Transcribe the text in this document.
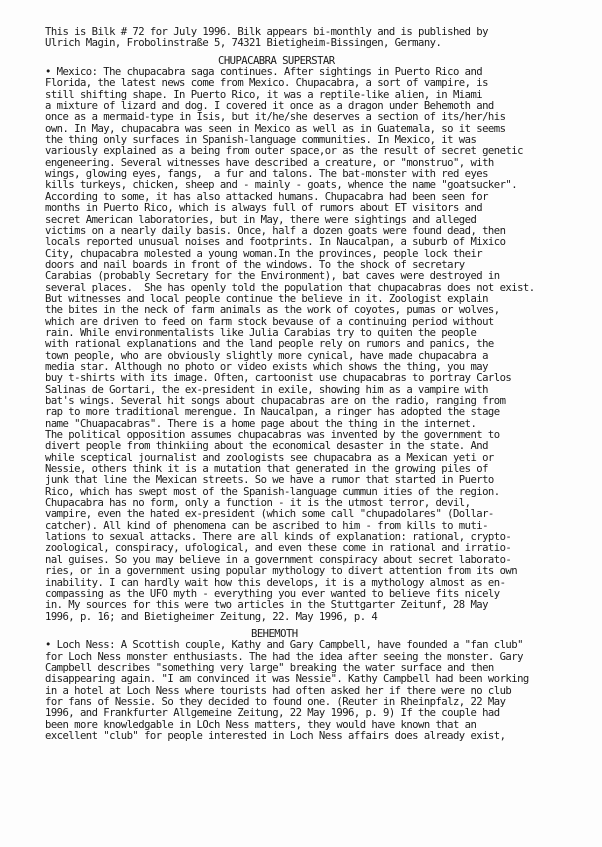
This is Bilk # 72 for July 1996. Bilk appears bi-monthly and is published by
Ulrich Magin, Frobolinstraße 5, 74321 Bietigheim-Bissingen, Germany.
CHUPACABRA SUPERSTAR
• Mexico: The chupacabra saga continues. After sightings in Puerto Rico and
Florida, the latest news come from Mexico. Chupacabra, a sort of vampire, is
still shifting shape. In Puerto Rico, it was a reptile-like alien, in Miami
a mixture of lizard and dog. I covered it once as a dragon under Behemoth and
once as a mermaid-type in Isis, but it/he/she deserves a section of its/her/his
own. In May, chupacabra was seen in Mexico as well as in Guatemala, so it seems
the thing only surfaces in Spanish-language communities. In Mexico, it was
variously explained as a being from outer space,or as the result of secret genetic
engeneering. Several witnesses have described a creature, or "monstruo", with
wings, glowing eyes, fangs,  a fur and talons. The bat-monster with red eyes
kills turkeys, chicken, sheep and - mainly - goats, whence the name "goatsucker".
According to some, it has also attacked humans. Chupacabra had been seen for
months in Puerto Rico, which is always full of rumors about ET visitors and
secret American laboratories, but in May, there were sightings and alleged
victims on a nearly daily basis. Once, half a dozen goats were found dead, then
locals reported unusual noises and footprints. In Naucalpan, a suburb of Mixico
City, chupacabra molested a young woman.In the provinces, people lock their
doors and nail boards in front of the windows. To the shock of secretary
Carabias (probably Secretary for the Environment), bat caves were destroyed in
several places.  She has openly told the population that chupacabras does not exist.
But witnesses and local people continue the believe in it. Zoologist explain
the bites in the neck of farm animals as the work of coyotes, pumas or wolves,
which are driven to feed on farm stock bevause of a continuing period without
rain. While environmentalists like Julia Carabias try to quiten the people
with rational explanations and the land people rely on rumors and panics, the
town people, who are obviously slightly more cynical, have made chupacabra a
media star. Although no photo or video exists which shows the thing, you may
buy t-shirts with its image. Often, cartoonist use chupacabras to portray Carlos
Salinas de Gortari, the ex-president in exile, showing him as a vampire with
bat's wings. Several hit songs about chupacabras are on the radio, ranging from
rap to more traditional merengue. In Naucalpan, a ringer has adopted the stage
name "Chuapacabras". There is a home page about the thing in the internet.
The political opposition assumes chupacabras was invented by the government to
divert people from thinkiing about the economical desaster in the state. And
while sceptical journalist and zoologists see chupacabra as a Mexican yeti or
Nessie, others think it is a mutation that generated in the growing piles of
junk that line the Mexican streets. So we have a rumor that started in Puerto
Rico, which has swept most of the Spanish-language cummun ities of the region.
Chupacabra has no form, only a function - it is the utmost terror, devil,
vampire, even the hated ex-president (which some call "chupadolares" (Dollar-
catcher). All kind of phenomena can be ascribed to him - from kills to muti-
lations to sexual attacks. There are all kinds of explanation: rational, crypto-
zoological, conspiracy, ufological, and even these come in rational and irratio-
nal guises. So you may believe in a government conspiracy about secret laborato-
ries, or in a government using popular mythology to divert attention from its own
inability. I can hardly wait how this develops, it is a mythology almost as en-
compassing as the UFO myth - everything you ever wanted to believe fits nicely
in. My sources for this were two articles in the Stuttgarter Zeitunf, 28 May
1996, p. 16; and Bietigheimer Zeitung, 22. May 1996, p. 4
BEHEMOTH
• Loch Ness: A Scottish couple, Kathy and Gary Campbell, have founded a "fan club"
for Loch Ness monster enthusiasts. The had the idea after seeing the monster. Gary
Campbell describes "something very large" breaking the water surface and then
disappearing again. "I am convinced it was Nessie". Kathy Campbell had been working
in a hotel at Loch Ness where tourists had often asked her if there were no club
for fans of Nessie. So they decided to found one. (Reuter in Rheinpfalz, 22 May
1996, and Frankfurter Allgemeine Zeitung, 22 May 1996, p. 9) If the couple had
been more knowledgable in LOch Ness matters, they would have known that an
excellent "club" for people interested in Loch Ness affairs does already exist,
